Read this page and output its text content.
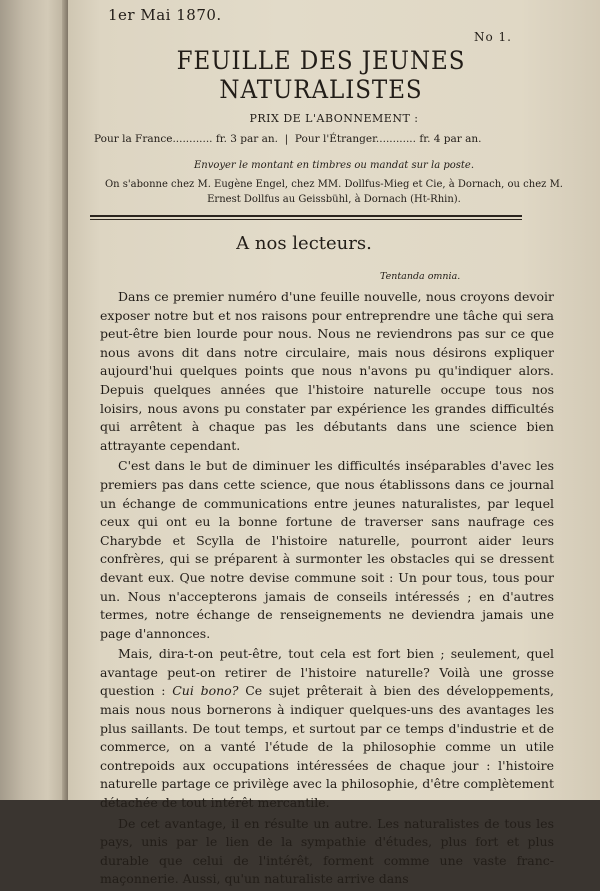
1er Mai 1870.
No 1.
FEUILLE DES JEUNES NATURALISTES
PRIX DE L'ABONNEMENT :
Pour la France............ fr. 3 par an.  |  Pour l'Étranger............ fr. 4 par an.
Envoyer le montant en timbres ou mandat sur la poste.
On s'abonne chez M. Eugène Engel, chez MM. Dollfus-Mieg et Cie, à Dornach, ou chez M. Ernest Dollfus au Geissbühl, à Dornach (Ht-Rhin).
A nos lecteurs.
Tentanda omnia.

Dans ce premier numéro d'une feuille nouvelle, nous croyons devoir exposer notre but et nos raisons pour entreprendre une tâche qui sera peut-être bien lourde pour nous. Nous ne reviendrons pas sur ce que nous avons dit dans notre circulaire, mais nous désirons expliquer aujourd'hui quelques points que nous n'avons pu qu'indiquer alors. Depuis quelques années que l'histoire naturelle occupe tous nos loisirs, nous avons pu constater par expérience les grandes difficultés qui arrêtent à chaque pas les débutants dans une science bien attrayante cependant.

C'est dans le but de diminuer les difficultés inséparables d'avec les premiers pas dans cette science, que nous établissons dans ce journal un échange de communications entre jeunes naturalistes, par lequel ceux qui ont eu la bonne fortune de traverser sans naufrage ces Charybde et Scylla de l'histoire naturelle, pourront aider leurs confrères, qui se préparent à surmonter les obstacles qui se dressent devant eux. Que notre devise commune soit : Un pour tous, tous pour un. Nous n'accepterons jamais de conseils intéressés ; en d'autres termes, notre échange de renseignements ne deviendra jamais une page d'annonces.

Mais, dira-t-on peut-être, tout cela est fort bien ; seulement, quel avantage peut-on retirer de l'histoire naturelle? Voilà une grosse question : Cui bono? Ce sujet prêterait à bien des développements, mais nous nous bornerons à indiquer quelques-uns des avantages les plus saillants. De tout temps, et surtout par ce temps d'industrie et de commerce, on a vanté l'étude de la philosophie comme un utile contrepoids aux occupations intéressées de chaque jour : l'histoire naturelle partage ce privilège avec la philosophie, d'être complètement détachée de tout intérêt mercantile.

De cet avantage, il en résulte un autre. Les naturalistes de tous les pays, unis par le lien de la sympathie d'études, plus fort et plus durable que celui de l'intérêt, forment comme une vaste franc-maçonnerie. Aussi, qu'un naturaliste arrive dans
